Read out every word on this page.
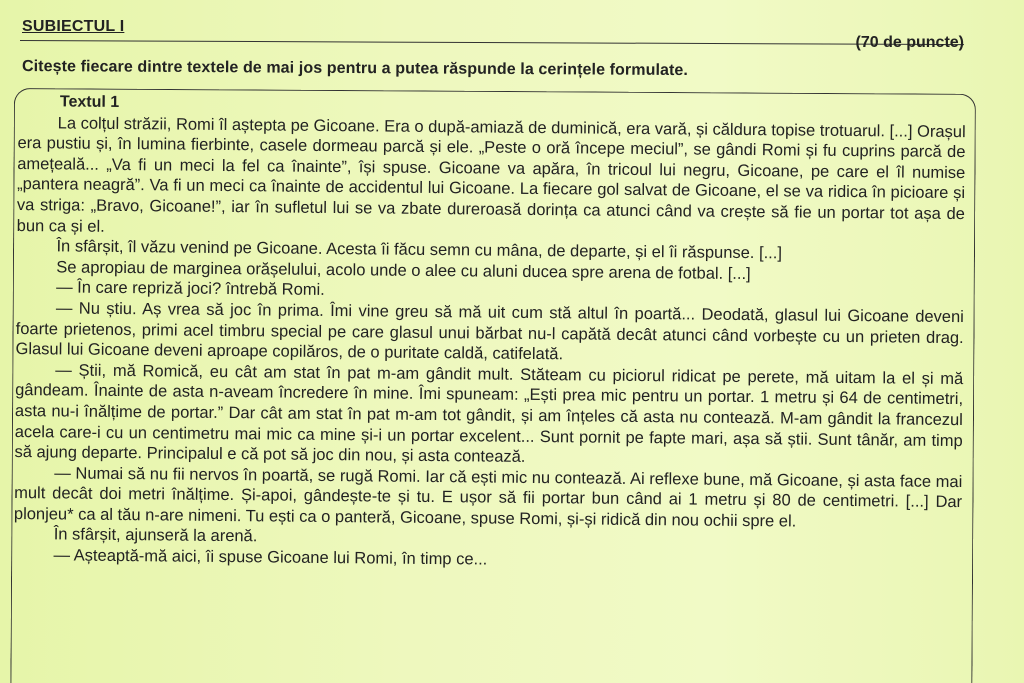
SUBIECTUL I
(70 de puncte)
Citește fiecare dintre textele de mai jos pentru a putea răspunde la cerințele formulate.
Textul 1

La colțul străzii, Romi îl aștepta pe Gicoane. Era o după-amiază de duminică, era vară, și căldura topise trotuarul. [...] Orașul era pustiu și, în lumina fierbinte, casele dormeau parcă și ele. „Peste o oră începe meciul”, se gândi Romi și fu cuprins parcă de amețeală... „Va fi un meci la fel ca înainte”, își spuse. Gicoane va apăra, în tricoul lui negru, Gicoane, pe care el îl numise „pantera neagră”. Va fi un meci ca înainte de accidentul lui Gicoane. La fiecare gol salvat de Gicoane, el se va ridica în picioare și va striga: „Bravo, Gicoane!”, iar în sufletul lui se va zbate dureroasă dorința ca atunci când va crește să fie un portar tot așa de bun ca și el.

În sfârșit, îl văzu venind pe Gicoane. Acesta îi făcu semn cu mâna, de departe, și el îi răspunse. [...]

Se apropiau de marginea orășelului, acolo unde o alee cu aluni ducea spre arena de fotbal. [...]

— În care repriză joci? întrebă Romi.

— Nu știu. Aș vrea să joc în prima. Îmi vine greu să mă uit cum stă altul în poartă... Deodată, glasul lui Gicoane deveni foarte prietenos, primi acel timbru special pe care glasul unui bărbat nu-l capătă decât atunci când vorbește cu un prieten drag. Glasul lui Gicoane deveni aproape copilăros, de o puritate caldă, catifelată.

— Știi, mă Romică, eu cât am stat în pat m-am gândit mult. Stăteam cu piciorul ridicat pe perete, mă uitam la el și mă gândeam. Înainte de asta n-aveam încredere în mine. Îmi spuneam: „Ești prea mic pentru un portar. 1 metru și 64 de centimetri, asta nu-i înălțime de portar.” Dar cât am stat în pat m-am tot gândit, și am înțeles că asta nu contează. M-am gândit la francezul acela care-i cu un centimetru mai mic ca mine și-i un portar excelent... Sunt pornit pe fapte mari, așa să știi. Sunt tânăr, am timp să ajung departe. Principalul e că pot să joc din nou, și asta contează.

— Numai să nu fii nervos în poartă, se rugă Romi. Iar că ești mic nu contează. Ai reflexe bune, mă Gicoane, și asta face mai mult decât doi metri înălțime. Și-apoi, gândește-te și tu. E ușor să fii portar bun când ai 1 metru și 80 de centimetri. [...] Dar plonjeu* ca al tău n-are nimeni. Tu ești ca o panteră, Gicoane, spuse Romi, și-și ridică din nou ochii spre el.

În sfârșit, ajunseră la arenă.

— Așteaptă-mă aici, îi spuse Gicoane lui Romi, în timp ce...
